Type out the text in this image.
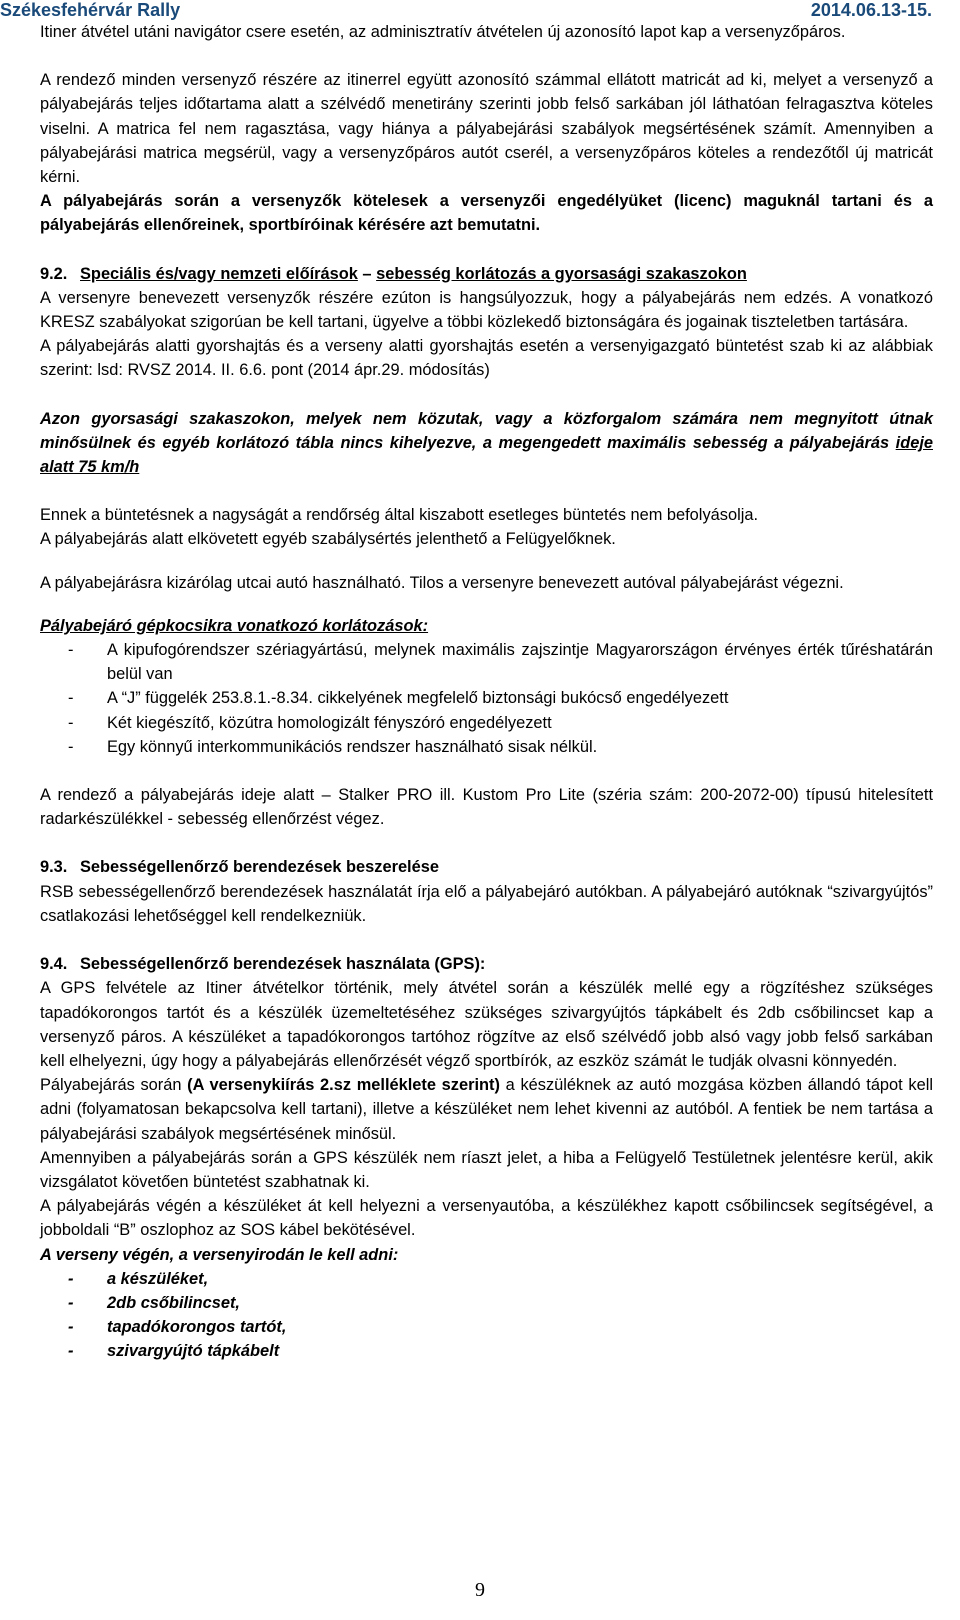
Székesfehérvár Rally	2014.06.13-15.

Itiner átvétel utáni navigátor csere esetén, az adminisztratív átvételen új azonosító lapot kap a versenyzőpáros.

A rendező minden versenyző részére az itinerrel együtt azonosító számmal ellátott matricát ad ki, melyet a versenyző a pályabejárás teljes időtartama alatt a szélvédő menetirány szerinti jobb felső sarkában jól láthatóan felragasztva köteles viselni. A matrica fel nem ragasztása, vagy hiánya a pályabejárási szabályok megsértésének számít. Amennyiben a pályabejárási matrica megsérül, vagy a versenyzőpáros autót cserél, a versenyzőpáros köteles a rendezőtől új matricát kérni.

A pályabejárás során a versenyzők kötelesek a versenyzői engedélyüket (licenc) maguknál tartani és a pályabejárás ellenőreinek, sportbíróinak kérésére azt bemutatni.

9.2. Speciális és/vagy nemzeti előírások – sebesség korlátozás a gyorsasági szakaszokon

A versenyre benevezett versenyzők részére ezúton is hangsúlyozzuk, hogy a pályabejárás nem edzés. A vonatkozó KRESZ szabályokat szigorúan be kell tartani, ügyelve a többi közlekedő biztonságára és jogainak tiszteletben tartására.

A pályabejárás alatti gyorshajtás és a verseny alatti gyorshajtás esetén a versenyigazgató büntetést szab ki az alábbiak szerint: lsd: RVSZ 2014. II. 6.6. pont (2014 ápr.29. módosítás)

Azon gyorsasági szakaszokon, melyek nem közutak, vagy a közforgalom számára nem megnyitott útnak minősülnek és egyéb korlátozó tábla nincs kihelyezve, a megengedett maximális sebesség a pályabejárás ideje alatt 75 km/h

Ennek a büntetésnek a nagyságát a rendőrség által kiszabott esetleges büntetés nem befolyásolja.

A pályabejárás alatt elkövetett egyéb szabálysértés jelenthető a Felügyelőknek.

A pályabejárásra kizárólag utcai autó használható. Tilos a versenyre benevezett autóval pályabejárást végezni.

Pályabejáró gépkocsikra vonatkozó korlátozások:

- A kipufogórendszer szériagyártású, melynek maximális zajszintje Magyarországon érvényes érték tűréshatárán belül van
- A “J” függelék 253.8.1.-8.34. cikkelyének megfelelő biztonsági bukócső engedélyezett
- Két kiegészítő, közútra homologizált fényszóró engedélyezett
- Egy könnyű interkommunikációs rendszer használható sisak nélkül.

A rendező a pályabejárás ideje alatt – Stalker PRO ill. Kustom Pro Lite (széria szám: 200-2072-00) típusú hitelesített radarkészülékkel - sebesség ellenőrzést végez.

9.3. Sebességellenőrző berendezések beszerelése

RSB sebességellenőrző berendezések használatát írja elő a pályabejáró autókban. A pályabejáró autóknak “szivargyújtós” csatlakozási lehetőséggel kell rendelkezniük.

9.4. Sebességellenőrző berendezések használata (GPS):

A GPS felvétele az Itiner átvételkor történik, mely átvétel során a készülék mellé egy a rögzítéshez szükséges tapadókorongos tartót és a készülék üzemeltetéséhez szükséges szivargyújtós tápkábelt és 2db csőbilincset kap a versenyző páros. A készüléket a tapadókorongos tartóhoz rögzítve az első szélvédő jobb alsó vagy jobb felső sarkában kell elhelyezni, úgy hogy a pályabejárás ellenőrzését végző sportbírók, az eszköz számát le tudják olvasni könnyedén.

Pályabejárás során (A versenykiírás 2.sz melléklete szerint) a készüléknek az autó mozgása közben állandó tápot kell adni (folyamatosan bekapcsolva kell tartani), illetve a készüléket nem lehet kivenni az autóból. A fentiek be nem tartása a pályabejárási szabályok megsértésének minősül.

Amennyiben a pályabejárás során a GPS készülék nem ríaszt jelet, a hiba a Felügyelő Testületnek jelentésre kerül, akik vizsgálatot követően büntetést szabhatnak ki.

A pályabejárás végén a készüléket át kell helyezni a versenyautóba, a készülékhez kapott csőbilincsek segítségével, a jobboldali “B” oszlophoz az SOS kábel bekötésével.

A verseny végén, a versenyirodán le kell adni:

- a készüléket,
- 2db csőbilincset,
- tapadókorongos tartót,
- szivargyújtó tápkábelt
9
